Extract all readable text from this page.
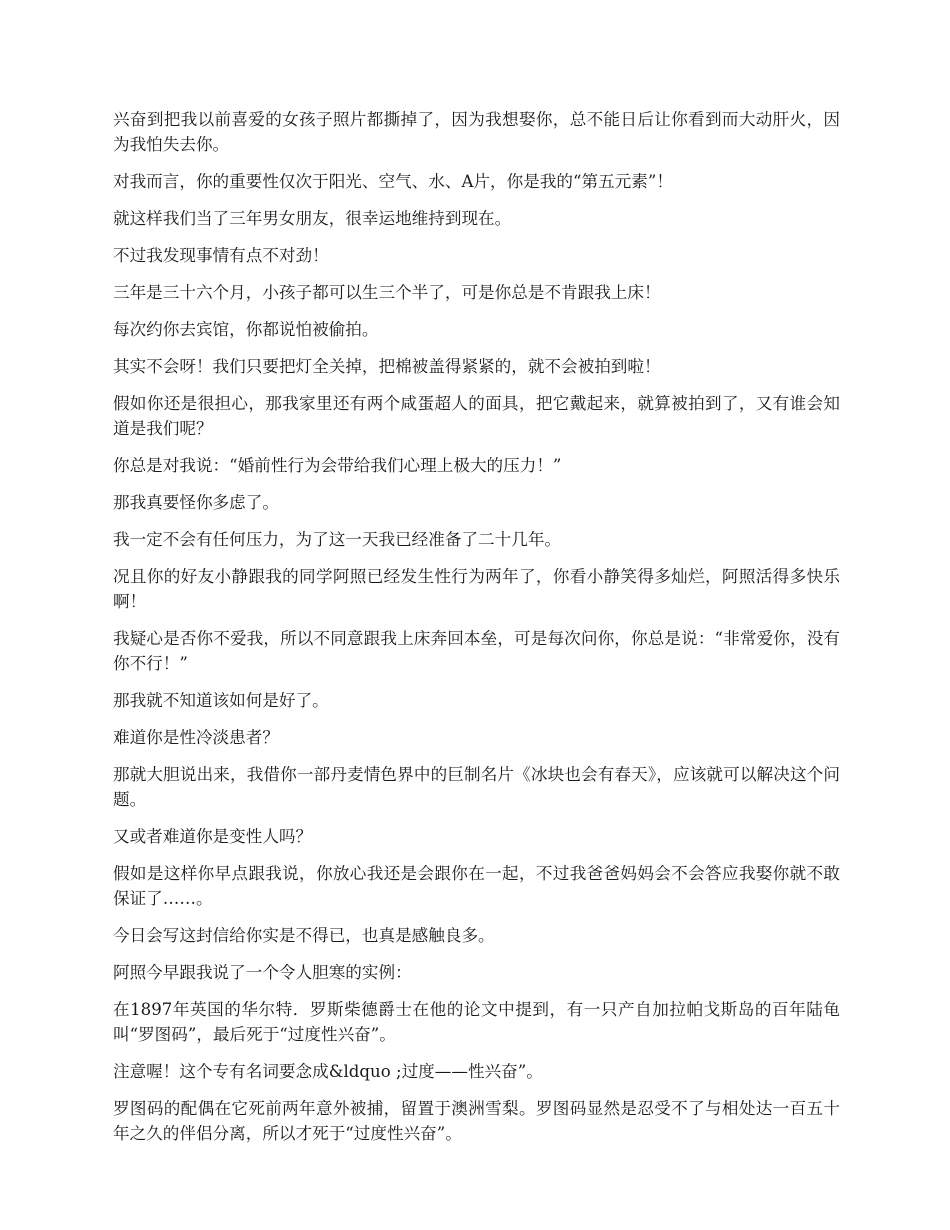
兴奋到把我以前喜爱的女孩子照片都撕掉了，因为我想娶你，总不能日后让你看到而大动肝火，因为我怕失去你。

对我而言，你的重要性仅次于阳光、空气、水、A片，你是我的“第五元素”！

就这样我们当了三年男女朋友，很幸运地维持到现在。

不过我发现事情有点不对劲！

三年是三十六个月，小孩子都可以生三个半了，可是你总是不肯跟我上床！

每次约你去宾馆，你都说怕被偷拍。

其实不会呀！我们只要把灯全关掉，把棉被盖得紧紧的，就不会被拍到啦！

假如你还是很担心，那我家里还有两个咸蛋超人的面具，把它戴起来，就算被拍到了，又有谁会知道是我们呢？

你总是对我说：“婚前性行为会带给我们心理上极大的压力！”

那我真要怪你多虑了。

我一定不会有任何压力，为了这一天我已经准备了二十几年。

况且你的好友小静跟我的同学阿照已经发生性行为两年了，你看小静笑得多灿烂，阿照活得多快乐啊！

我疑心是否你不爱我，所以不同意跟我上床奔回本垒，可是每次问你，你总是说：“非常爱你，没有你不行！”

那我就不知道该如何是好了。

难道你是性冷淡患者？

那就大胆说出来，我借你一部丹麦情色界中的巨制名片《冰块也会有春天》，应该就可以解决这个问题。

又或者难道你是变性人吗？

假如是这样你早点跟我说，你放心我还是会跟你在一起，不过我爸爸妈妈会不会答应我娶你就不敢保证了……。

今日会写这封信给你实是不得已，也真是感触良多。

阿照今早跟我说了一个令人胆寒的实例：

在1897年英国的华尔特．罗斯柴德爵士在他的论文中提到，有一只产自加拉帕戈斯岛的百年陆龟叫“罗图码”，最后死于“过度性兴奋”。

注意喔！这个专有名词要念成&ldquo ;过度——性兴奋”。

罗图码的配偶在它死前两年意外被捕，留置于澳洲雪梨。罗图码显然是忍受不了与相处达一百五十年之久的伴侣分离，所以才死于“过度性兴奋”。
